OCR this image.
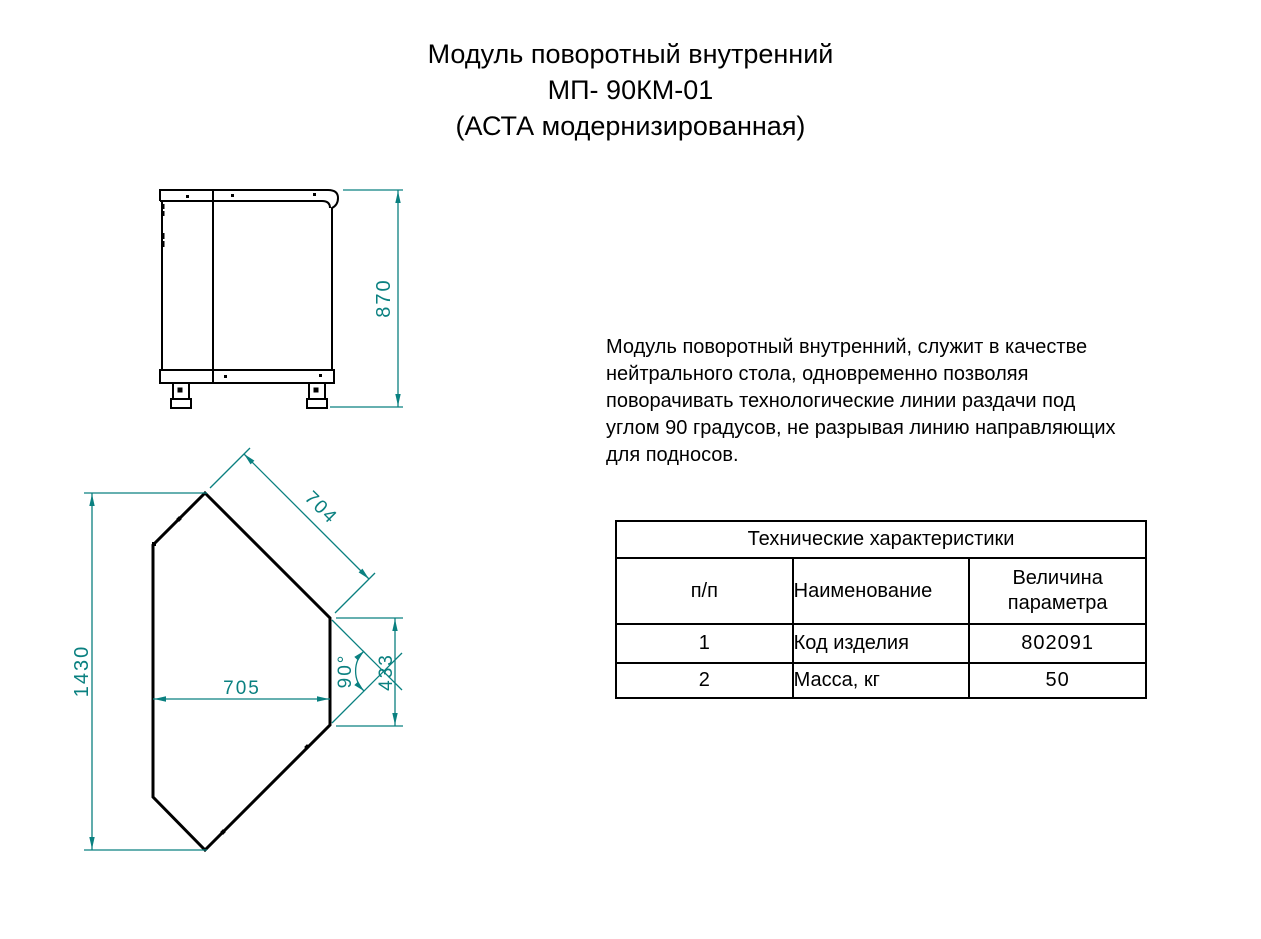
Модуль поворотный внутренний
МП- 90КМ-01
(АСТА модернизированная)
870
1430
704
705	433
90°
Модуль поворотный внутренний, служит в качестве
нейтрального стола, одновременно позволяя
поворачивать технологические линии раздачи под
углом 90 градусов, не разрывая линию направляющих
для подносов.
Технические характеристики		
п/п	Наименование	Величина
параметра

1	Код изделия	802091
2	Масса, кг	50
